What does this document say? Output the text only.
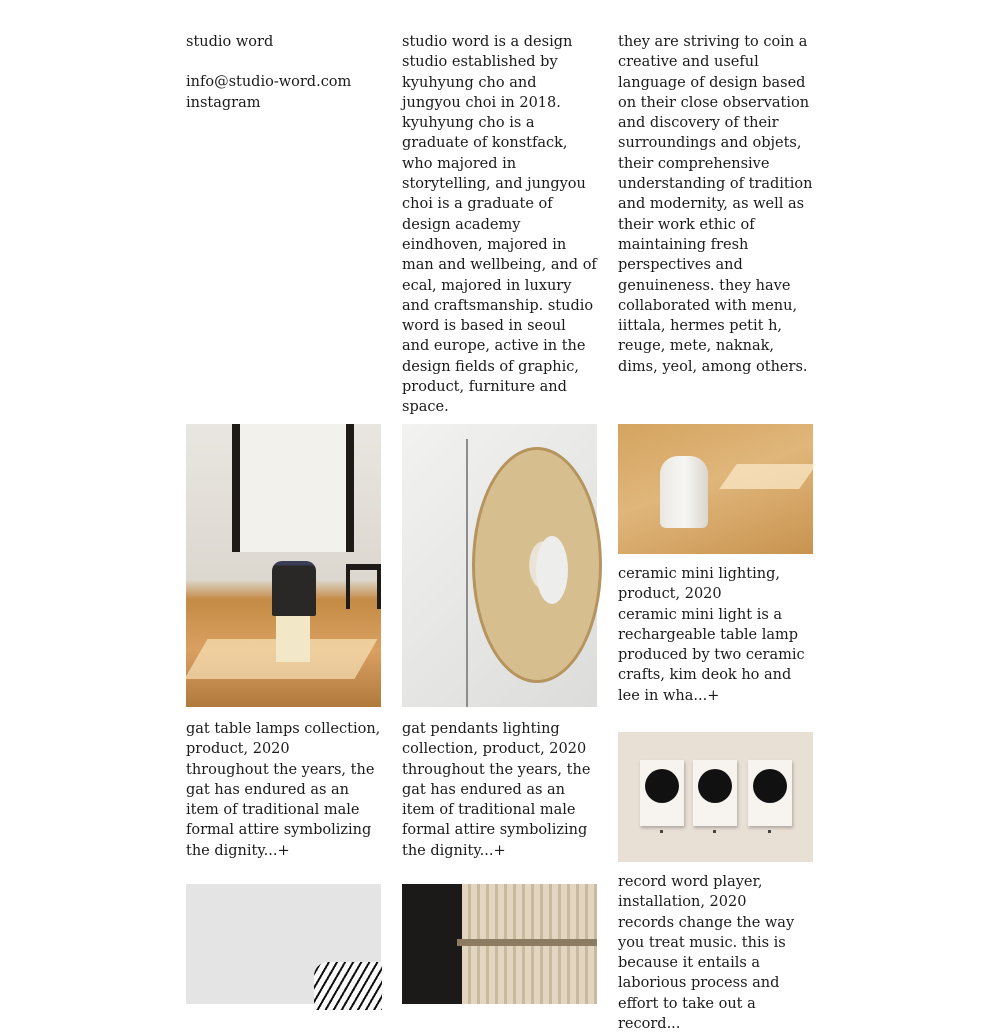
studio word
info@studio-word.com
instagram
studio word is a design studio established by kyuhyung cho and jungyou choi in 2018. kyuhyung cho is a graduate of konstfack, who majored in storytelling, and jungyou choi is a graduate of design academy eindhoven, majored in man and wellbeing, and of ecal, majored in luxury and craftsmanship. studio word is based in seoul and europe, active in the design fields of graphic, product, furniture and space.
they are striving to coin a creative and useful language of design based on their close observation and discovery of their surroundings and objets, their comprehensive understanding of tradition and modernity, as well as their work ethic of maintaining fresh perspectives and genuineness. they have collaborated with menu, iittala, hermes petit h, reuge, mete, naknak, dims, yeol, among others.
gat table lamps collection, product, 2020
throughout the years, the gat has endured as an item of traditional male formal attire symbolizing the dignity...+
gat pendants lighting collection, product, 2020
throughout the years, the gat has endured as an item of traditional male formal attire symbolizing the dignity...+
ceramic mini lighting, product, 2020
ceramic mini light is a rechargeable table lamp produced by two ceramic crafts, kim deok ho and lee in wha...+
record word player, installation, 2020
records change the way you treat music. this is because it entails a laborious process and effort to take out a record...
